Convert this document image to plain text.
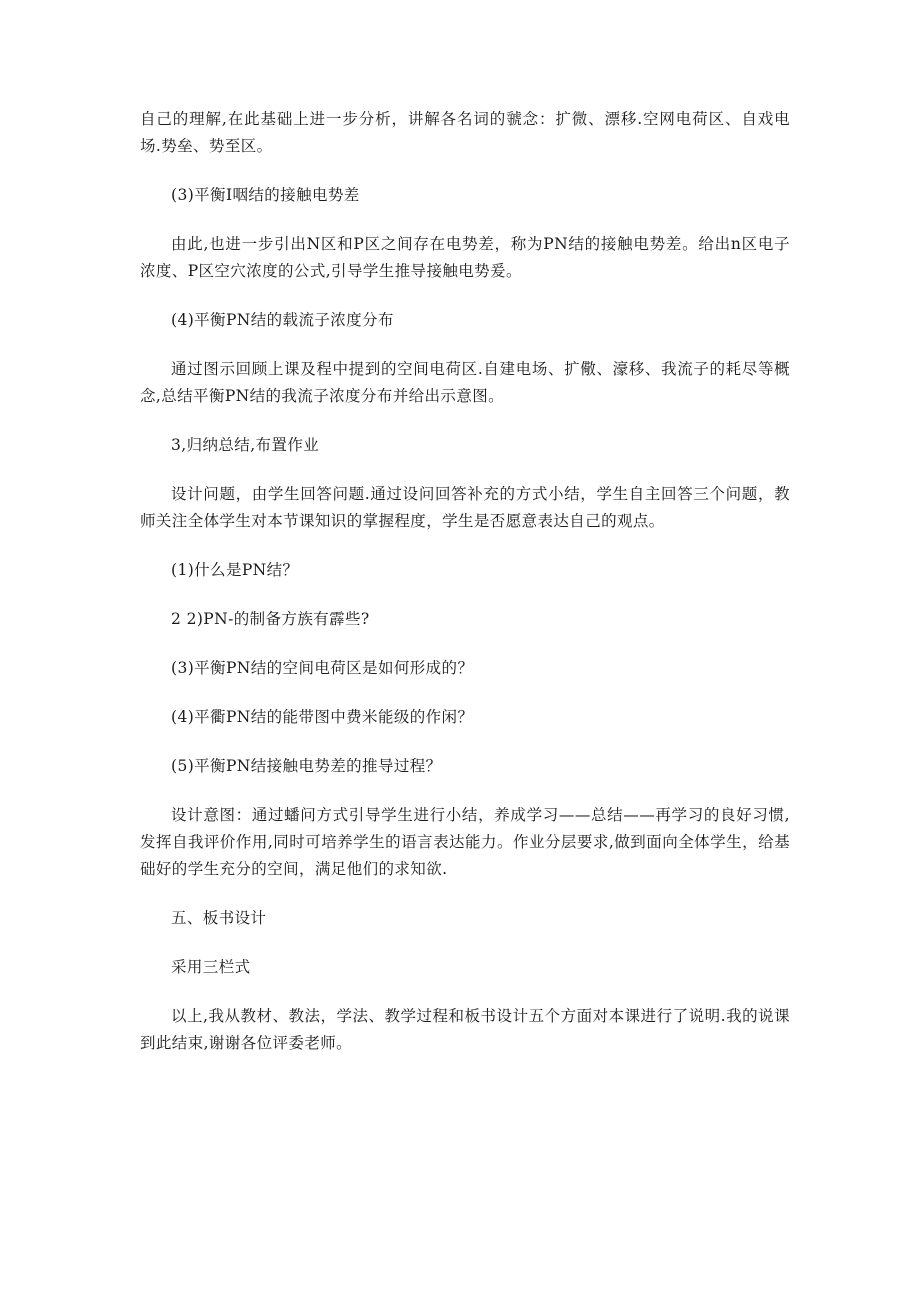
自己的理解,在此基础上进一步分析，讲解各名词的虢念：扩微、漂移.空网电荷区、自戏电场.势垒、势至区。

(3)平衡I咽结的接触电势差

由此,也进一步引出N区和P区之间存在电势差，称为PN结的接触电势差。给出n区电子浓度、P区空穴浓度的公式,引导学生推导接触电势爰。

(4)平衡PN结的载流子浓度分布

通过图示回顾上课及程中提到的空间电荷区.自建电场、扩儆、濠移、我流子的耗尽等概念,总结平衡PN结的我流子浓度分布并给出示意图。

3,归纳总结,布置作业

设计问题，由学生回答问题.通过设问回答补充的方式小结，学生自主回答三个问题，教师关注全体学生对本节课知识的掌握程度，学生是否愿意表达自己的观点。

(1)什么是PN结？

2 2)PN-的制备方族有霹些?

(3)平衡PN结的空间电荷区是如何形成的？

(4)平衢PN结的能带图中费米能级的作闲？

(5)平衡PN结接触电势差的推导过程？

设计意图：通过蟠问方式引导学生进行小结，养成学习——总结——再学习的良好习惯,发挥自我评价作用,同时可培养学生的语言表达能力。作业分层要求,做到面向全体学生，给基础好的学生充分的空间，满足他们的求知欲.

五、板书设计

采用三栏式

以上,我从教材、教法，学法、教学过程和板书设计五个方面对本课进行了说明.我的说课到此结束,谢谢各位评委老师。
